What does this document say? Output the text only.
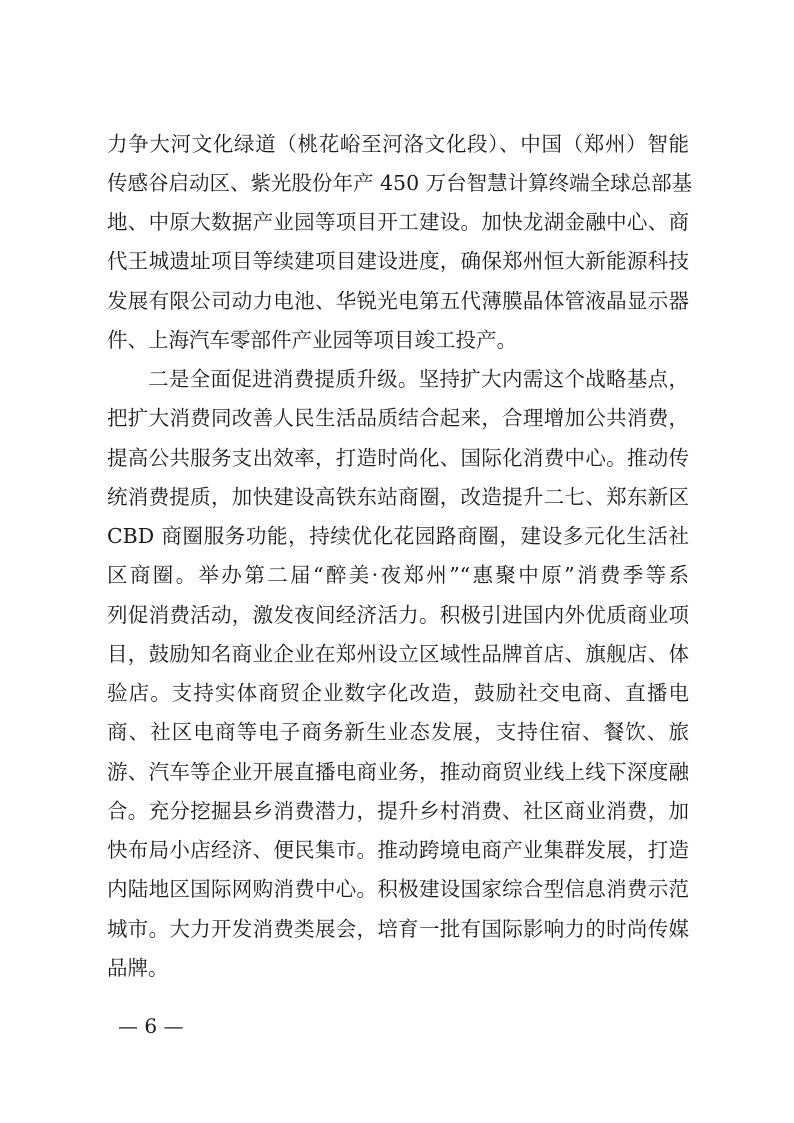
力争大河文化绿道（桃花峪至河洛文化段）、中国（郑州）智能
传感谷启动区、紫光股份年产 450 万台智慧计算终端全球总部基
地、中原大数据产业园等项目开工建设。加快龙湖金融中心、商
代王城遗址项目等续建项目建设进度，确保郑州恒大新能源科技
发展有限公司动力电池、华锐光电第五代薄膜晶体管液晶显示器
件、上海汽车零部件产业园等项目竣工投产。
二是全面促进消费提质升级。坚持扩大内需这个战略基点，
把扩大消费同改善人民生活品质结合起来，合理增加公共消费，
提高公共服务支出效率，打造时尚化、国际化消费中心。推动传
统消费提质，加快建设高铁东站商圈，改造提升二七、郑东新区
CBD 商圈服务功能，持续优化花园路商圈，建设多元化生活社
区商圈。举办第二届“醉美·夜郑州”“惠聚中原”消费季等系
列促消费活动，激发夜间经济活力。积极引进国内外优质商业项
目，鼓励知名商业企业在郑州设立区域性品牌首店、旗舰店、体
验店。支持实体商贸企业数字化改造，鼓励社交电商、直播电
商、社区电商等电子商务新生业态发展，支持住宿、餐饮、旅
游、汽车等企业开展直播电商业务，推动商贸业线上线下深度融
合。充分挖掘县乡消费潜力，提升乡村消费、社区商业消费，加
快布局小店经济、便民集市。推动跨境电商产业集群发展，打造
内陆地区国际网购消费中心。积极建设国家综合型信息消费示范
城市。大力开发消费类展会，培育一批有国际影响力的时尚传媒
品牌。
— 6 —
